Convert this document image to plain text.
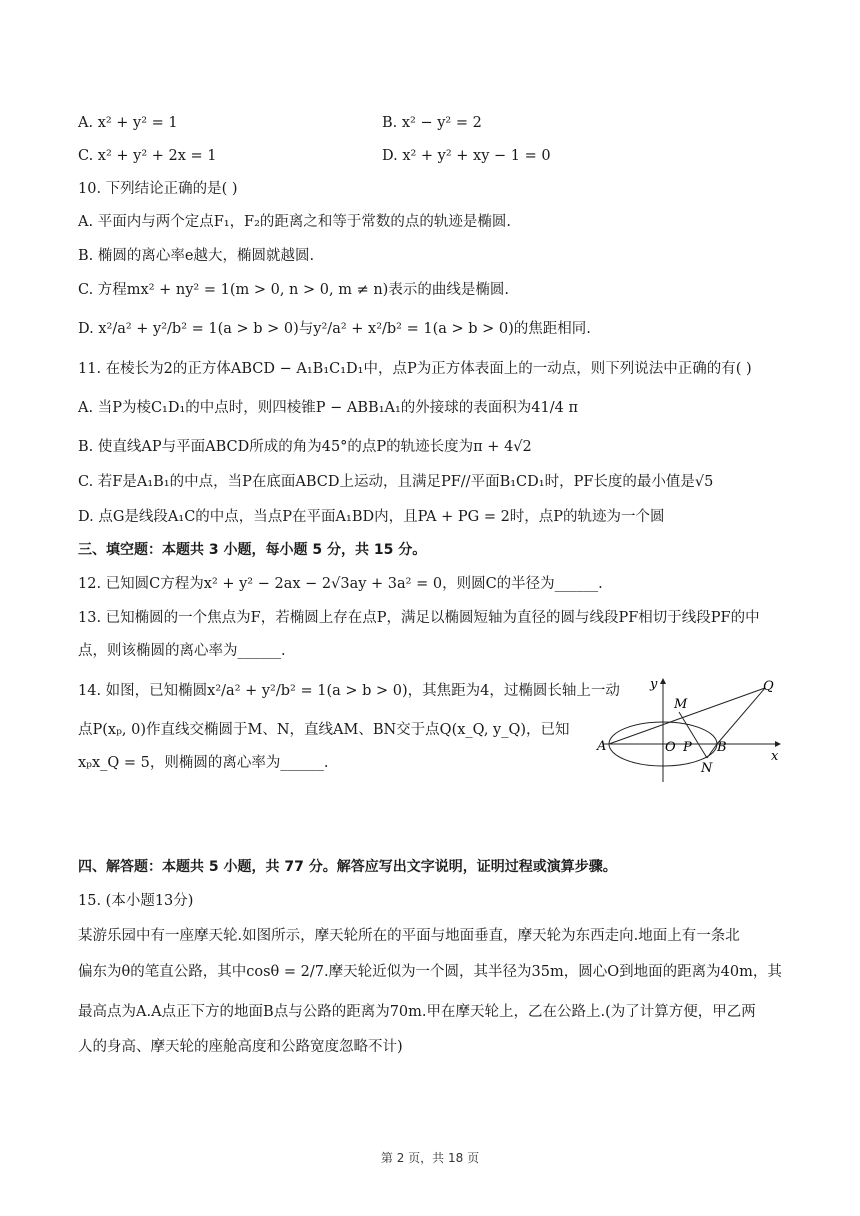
A. x² + y² = 1	B. x² − y² = 2
C. x² + y² + 2x = 1	D. x² + y² + xy − 1 = 0
10. 下列结论正确的是( )
A. 平面内与两个定点F₁，F₂的距离之和等于常数的点的轨迹是椭圆.
B. 椭圆的离心率e越大，椭圆就越圆.
C. 方程mx² + ny² = 1(m > 0, n > 0, m ≠ n)表示的曲线是椭圆.
D. x²/a² + y²/b² = 1(a > b > 0)与y²/a² + x²/b² = 1(a > b > 0)的焦距相同.
11. 在棱长为2的正方体ABCD − A₁B₁C₁D₁中，点P为正方体表面上的一动点，则下列说法中正确的有( )
A. 当P为棱C₁D₁的中点时，则四棱锥P − ABB₁A₁的外接球的表面积为41/4 π
B. 使直线AP与平面ABCD所成的角为45°的点P的轨迹长度为π + 4√2
C. 若F是A₁B₁的中点，当P在底面ABCD上运动，且满足PF//平面B₁CD₁时，PF长度的最小值是√5
D. 点G是线段A₁C的中点，当点P在平面A₁BD内，且PA + PG = 2时，点P的轨迹为一个圆
三、填空题：本题共 3 小题，每小题 5 分，共 15 分。
12. 已知圆C方程为x² + y² − 2ax − 2√3ay + 3a² = 0，则圆C的半径为______.
13. 已知椭圆的一个焦点为F，若椭圆上存在点P，满足以椭圆短轴为直径的圆与线段PF相切于线段PF的中
点，则该椭圆的离心率为______.
14. 如图，已知椭圆x²/a² + y²/b² = 1(a > b > 0)，其焦距为4，过椭圆长轴上一动
点P(xₚ, 0)作直线交椭圆于M、N，直线AM、BN交于点Q(x_Q, y_Q)，已知
xₚx_Q = 5，则椭圆的离心率为______.
y
x
M
Q
A	O P B
N
四、解答题：本题共 5 小题，共 77 分。解答应写出文字说明，证明过程或演算步骤。
15. (本小题13分)
某游乐园中有一座摩天轮.如图所示，摩天轮所在的平面与地面垂直，摩天轮为东西走向.地面上有一条北
偏东为θ的笔直公路，其中cosθ = 2/7.摩天轮近似为一个圆，其半径为35m，圆心O到地面的距离为40m，其
最高点为A.A点正下方的地面B点与公路的距离为70m.甲在摩天轮上，乙在公路上.(为了计算方便，甲乙两
人的身高、摩天轮的座舱高度和公路宽度忽略不计)
第 2 页，共 18 页
